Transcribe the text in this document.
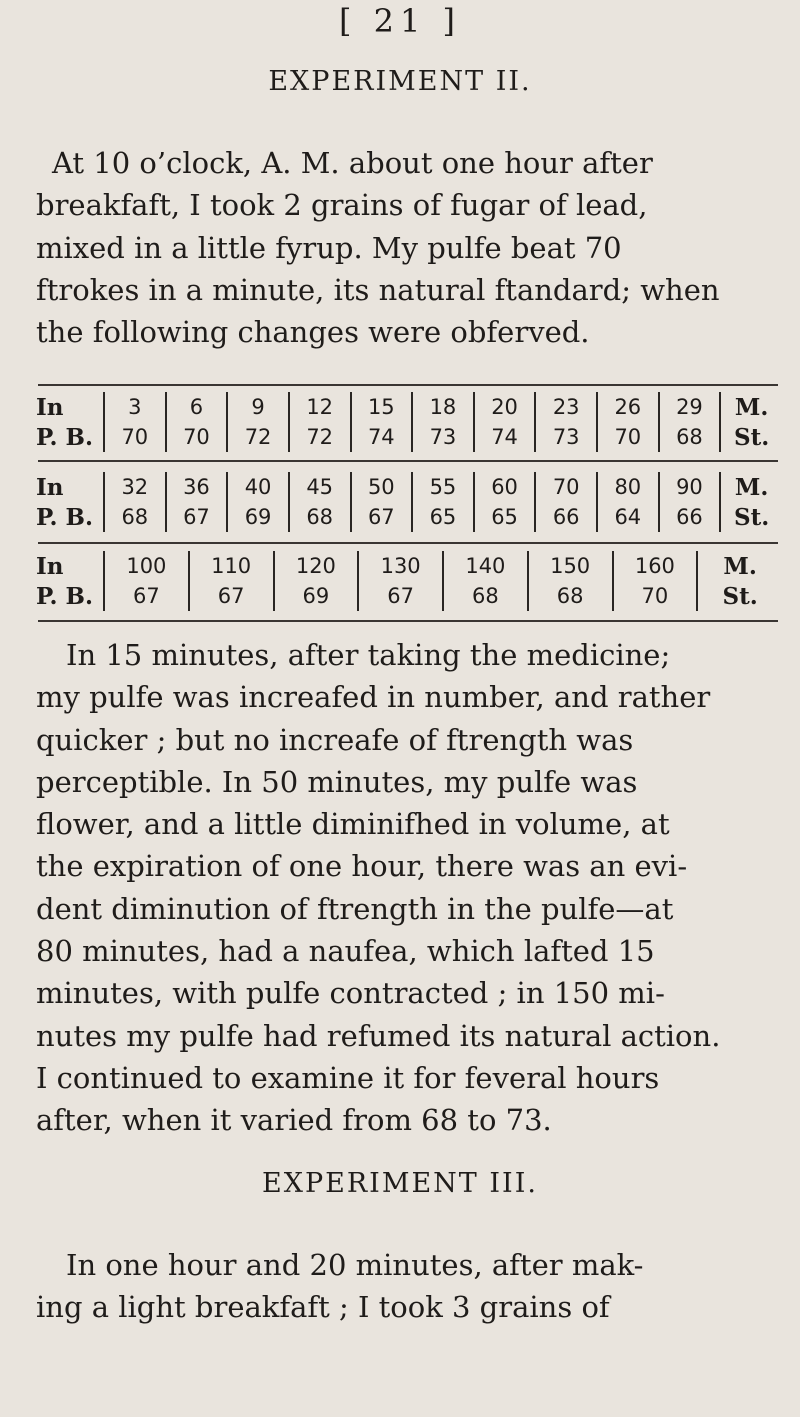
[ 21 ]
EXPERIMENT II.

At 10 o’clock, A. M. about one hour after
breakfaft, I took 2 grains of fugar of lead,
mixed in a little fyrup. My pulfe beat 70
ftrokes in a minute, its natural ftandard; when
the following changes were obferved.

In	3	6	9	12	15	18	20	23	26	29	M.
P. B.	70	70	72	72	74	73	74	73	70	68	St.
In	32	36	40	45	50	55	60	70	80	90	M.
P. B.	68	67	69	68	67	65	65	66	64	66	St.
In	100	110	120	130	140	150	160	M.
P. B.	67	67	69	67	68	68	70	St.

In 15 minutes, after taking the medicine;
my pulfe was increafed in number, and rather
quicker ; but no increafe of ftrength was
perceptible. In 50 minutes, my pulfe was
flower, and a little diminifhed in volume, at
the expiration of one hour, there was an evi-
dent diminution of ftrength in the pulfe—at
80 minutes, had a naufea, which lafted 15
minutes, with pulfe contracted ; in 150 mi-
nutes my pulfe had refumed its natural action.
I continued to examine it for feveral hours
after, when it varied from 68 to 73.

EXPERIMENT III.

In one hour and 20 minutes, after mak-
ing a light breakfaft ; I took 3 grains of
